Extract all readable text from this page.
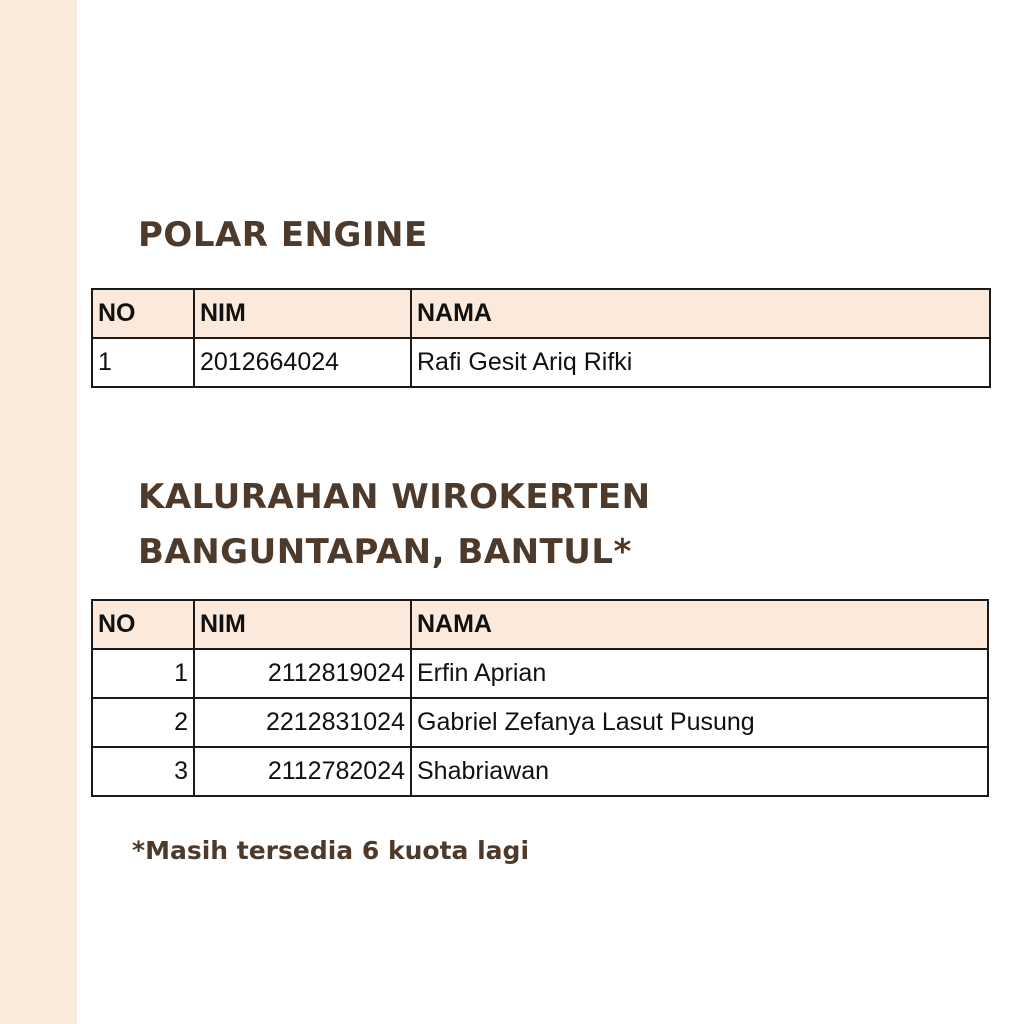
POLAR ENGINE
NO	NIM	NAMA
1	2012664024	Rafi Gesit Ariq Rifki
KALURAHAN WIROKERTEN
BANGUNTAPAN, BANTUL*
NO	NIM	NAMA
1	2112819024	Erfin Aprian
2	2212831024	Gabriel Zefanya Lasut Pusung
3	2112782024	Shabriawan

*Masih tersedia 6 kuota lagi
